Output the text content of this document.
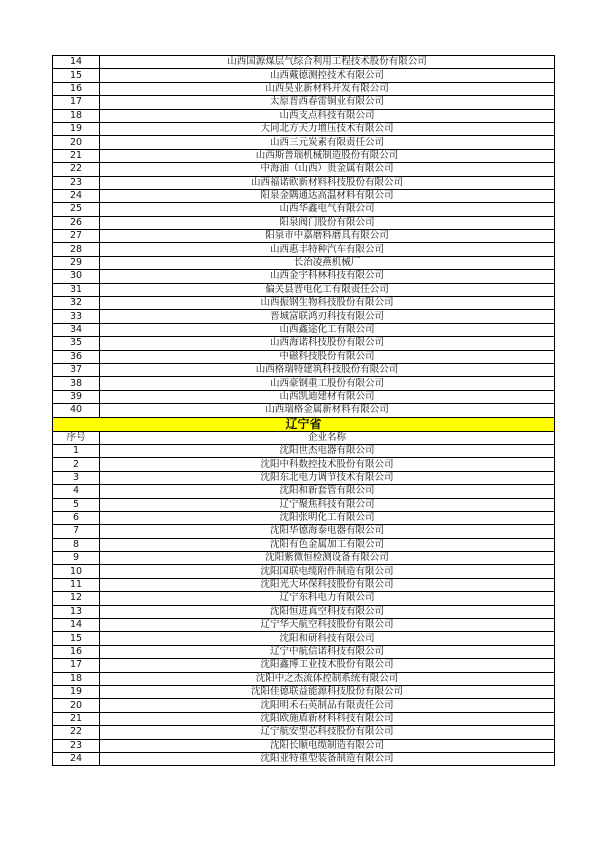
14	山西国源煤层气综合利用工程技术股份有限公司
15	山西戴德测控技术有限公司
16	山西昊业新材料开发有限公司
17	太原晋西春雷铜业有限公司
18	山西支点科技有限公司
19	大同北方天力增压技术有限公司
20	山西三元炭素有限责任公司
21	山西斯普瑞机械制造股份有限公司
22	中海油（山西）贵金属有限公司
23	山西福诺欧新材料科技股份有限公司
24	阳泉金隅通达高温材料有限公司
25	山西华鑫电气有限公司
26	阳泉阀门股份有限公司
27	阳泉市中嘉磨料磨具有限公司
28	山西惠丰特种汽车有限公司
29	长治凌燕机械厂
30	山西金宇科林科技有限公司
31	偏关县晋电化工有限责任公司
32	山西振钢生物科技股份有限公司
33	晋城富联鸿刃科技有限公司
34	山西鑫途化工有限公司
35	山西海诺科技股份有限公司
36	中磁科技股份有限公司
37	山西格瑞特建筑科技股份有限公司
38	山西豪钢重工股份有限公司
39	山西凯迪建材有限公司
40	山西瑞格金属新材料有限公司
辽宁省	
序号	企业名称
1	沈阳世杰电器有限公司
2	沈阳中科数控技术股份有限公司
3	沈阳东北电力调节技术有限公司
4	沈阳和新套管有限公司
5	辽宁聚焦科技有限公司
6	沈阳张明化工有限公司
7	沈阳华德海泰电器有限公司
8	沈阳有色金属加工有限公司
9	沈阳紫微恒检测设备有限公司
10	沈阳国联电缆附件制造有限公司
11	沈阳光大环保科技股份有限公司
12	辽宁东科电力有限公司
13	沈阳恒进真空科技有限公司
14	辽宁华天航空科技股份有限公司
15	沈阳和研科技有限公司
16	辽宁中航信诺科技有限公司
17	沈阳鑫博工业技术股份有限公司
18	沈阳中之杰流体控制系统有限公司
19	沈阳佳德联益能源科技股份有限公司
20	沈阳明禾石英制品有限责任公司
21	沈阳欧施盾新材料科技有限公司
22	辽宁航安型芯科技股份有限公司
23	沈阳长顺电缆制造有限公司
24	沈阳亚特重型装备制造有限公司
